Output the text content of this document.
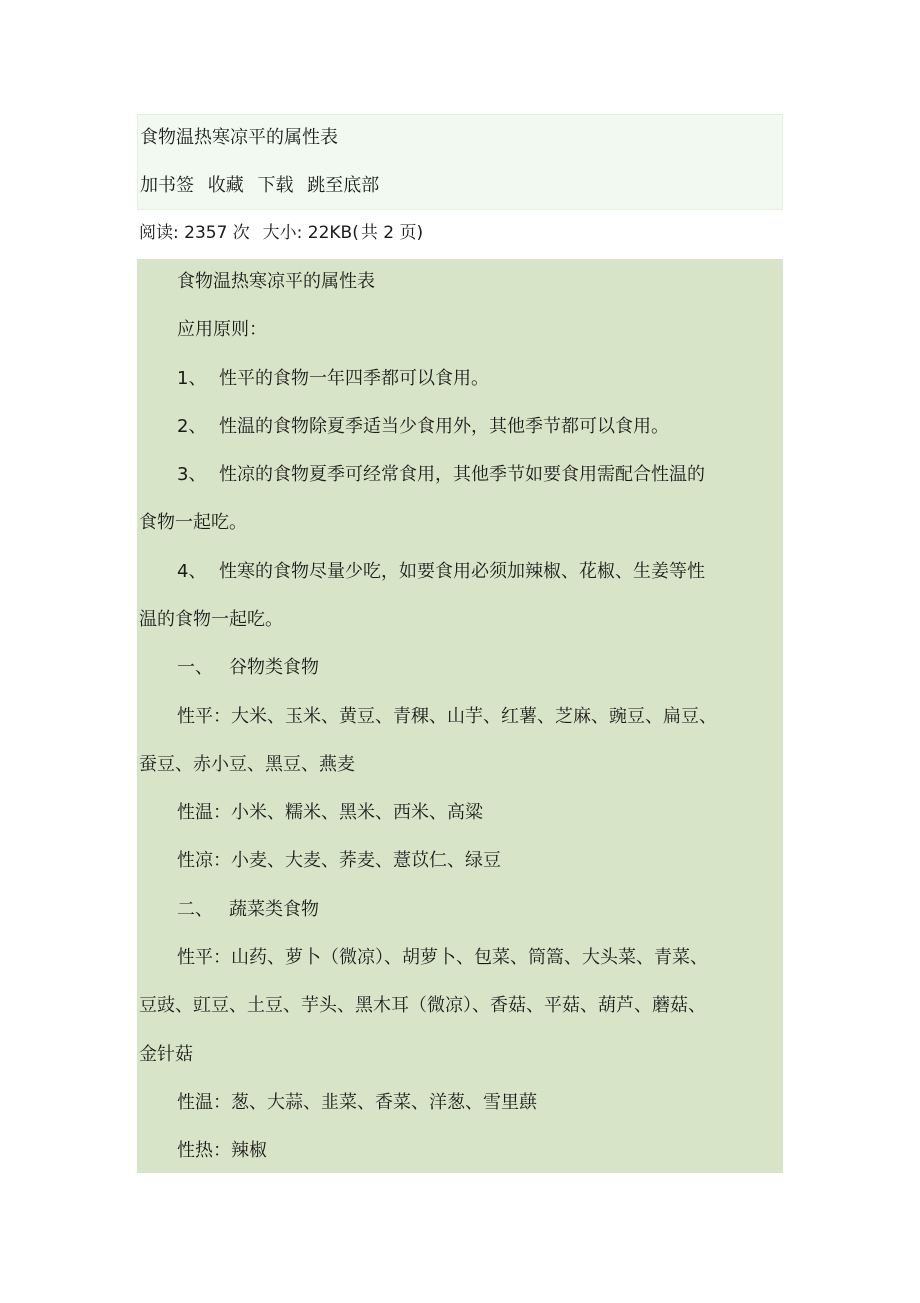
食物温热寒凉平的属性表
加书签 收藏 下载 跳至底部
阅读: 2357 次 大小: 22KB( 共 2 页)
食物温热寒凉平的属性表
应用原则：
1、 性平的食物一年四季都可以食用。
2、 性温的食物除夏季适当少食用外，其他季节都可以食用。
3、 性凉的食物夏季可经常食用，其他季节如要食用需配合性温的
食物一起吃。
4、 性寒的食物尽量少吃，如要食用必须加辣椒、花椒、生姜等性
温的食物一起吃。
一、 谷物类食物
性平：大米、玉米、黄豆、青稞、山芋、红薯、芝麻、豌豆、扁豆、
蚕豆、赤小豆、黑豆、燕麦
性温：小米、糯米、黑米、西米、高粱
性凉：小麦、大麦、荞麦、薏苡仁、绿豆
二、 蔬菜类食物
性平：山药、萝卜（微凉）、胡萝卜、包菜、筒篙、大头菜、青菜、
豆豉、豇豆、土豆、芋头、黑木耳（微凉）、香菇、平菇、葫芦、蘑菇、
金针菇
性温：葱、大蒜、韭菜、香菜、洋葱、雪里蕻
性热：辣椒
